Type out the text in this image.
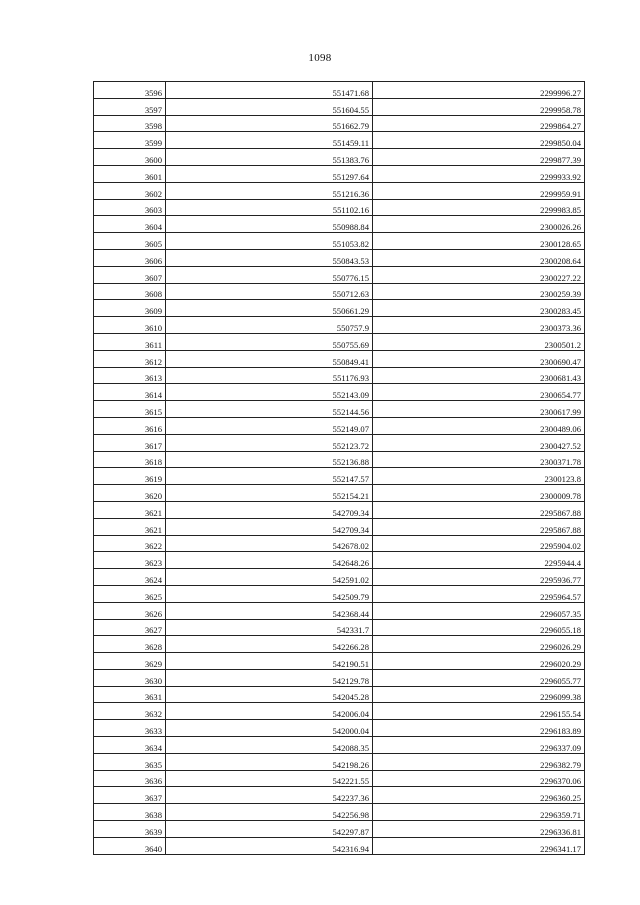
1098
3596	551471.68	2299996.27
3597	551604.55	2299958.78
3598	551662.79	2299864.27
3599	551459.11	2299850.04
3600	551383.76	2299877.39
3601	551297.64	2299933.92
3602	551216.36	2299959.91
3603	551102.16	2299983.85
3604	550988.84	2300026.26
3605	551053.82	2300128.65
3606	550843.53	2300208.64
3607	550776.15	2300227.22
3608	550712.63	2300259.39
3609	550661.29	2300283.45
3610	550757.9	2300373.36
3611	550755.69	2300501.2
3612	550849.41	2300690.47
3613	551176.93	2300681.43
3614	552143.09	2300654.77
3615	552144.56	2300617.99
3616	552149.07	2300489.06
3617	552123.72	2300427.52
3618	552136.88	2300371.78
3619	552147.57	2300123.8
3620	552154.21	2300009.78
3621	542709.34	2295867.88
3621	542709.34	2295867.88
3622	542678.02	2295904.02
3623	542648.26	2295944.4
3624	542591.02	2295936.77
3625	542509.79	2295964.57
3626	542368.44	2296057.35
3627	542331.7	2296055.18
3628	542266.28	2296026.29
3629	542190.51	2296020.29
3630	542129.78	2296055.77
3631	542045.28	2296099.38
3632	542006.04	2296155.54
3633	542000.04	2296183.89
3634	542088.35	2296337.09
3635	542198.26	2296382.79
3636	542221.55	2296370.06
3637	542237.36	2296360.25
3638	542256.98	2296359.71
3639	542297.87	2296336.81
3640	542316.94	2296341.17
